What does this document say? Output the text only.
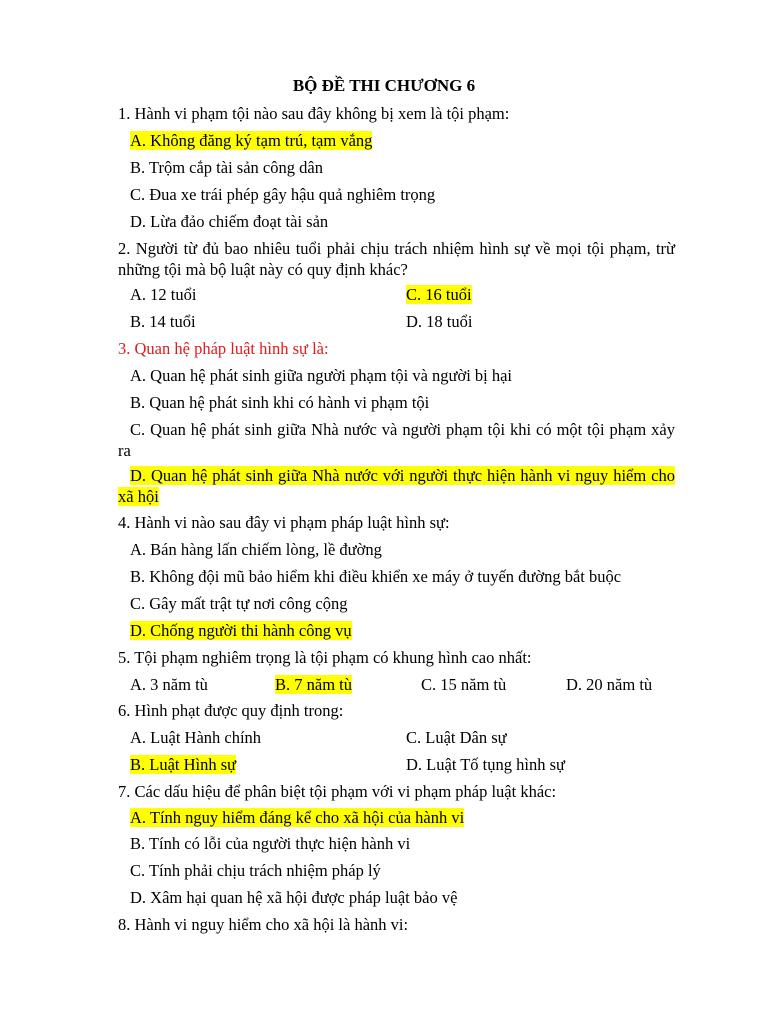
BỘ ĐỀ THI CHƯƠNG 6
1. Hành vi phạm tội nào sau đây không bị xem là tội phạm:
A. Không đăng ký tạm trú, tạm vắng
B. Trộm cắp tài sản công dân
C. Đua xe trái phép gây hậu quả nghiêm trọng
D. Lừa đảo chiếm đoạt tài sản
2. Người từ đủ bao nhiêu tuổi phải chịu trách nhiệm hình sự về mọi tội phạm, trừ những tội mà bộ luật này có quy định khác?
A. 12 tuổi	C. 16 tuổi
B. 14 tuổi	D. 18 tuổi
3. Quan hệ pháp luật hình sự là:
A. Quan hệ phát sinh giữa người phạm tội và người bị hại
B. Quan hệ phát sinh khi có hành vi phạm tội
C. Quan hệ phát sinh giữa Nhà nước và người phạm tội khi có một tội phạm xảy ra
D. Quan hệ phát sinh giữa Nhà nước với người thực hiện hành vi nguy hiểm cho xã hội
4. Hành vi nào sau đây vi phạm pháp luật hình sự:
A. Bán hàng lấn chiếm lòng, lề đường
B. Không đội mũ bảo hiểm khi điều khiển xe máy ở tuyến đường bắt buộc
C. Gây mất trật tự nơi công cộng
D. Chống người thi hành công vụ
5. Tội phạm nghiêm trọng là tội phạm có khung hình cao nhất:
A. 3 năm tù	B. 7 năm tù	C. 15 năm tù	D. 20 năm tù
6. Hình phạt được quy định trong:
A. Luật Hành chính	C. Luật Dân sự
B. Luật Hình sự	D. Luật Tố tụng hình sự
7. Các dấu hiệu để phân biệt tội phạm với vi phạm pháp luật khác:
A. Tính nguy hiểm đáng kể cho xã hội của hành vi
B. Tính có lỗi của người thực hiện hành vi
C. Tính phải chịu trách nhiệm pháp lý
D. Xâm hại quan hệ xã hội được pháp luật bảo vệ
8. Hành vi nguy hiểm cho xã hội là hành vi:
